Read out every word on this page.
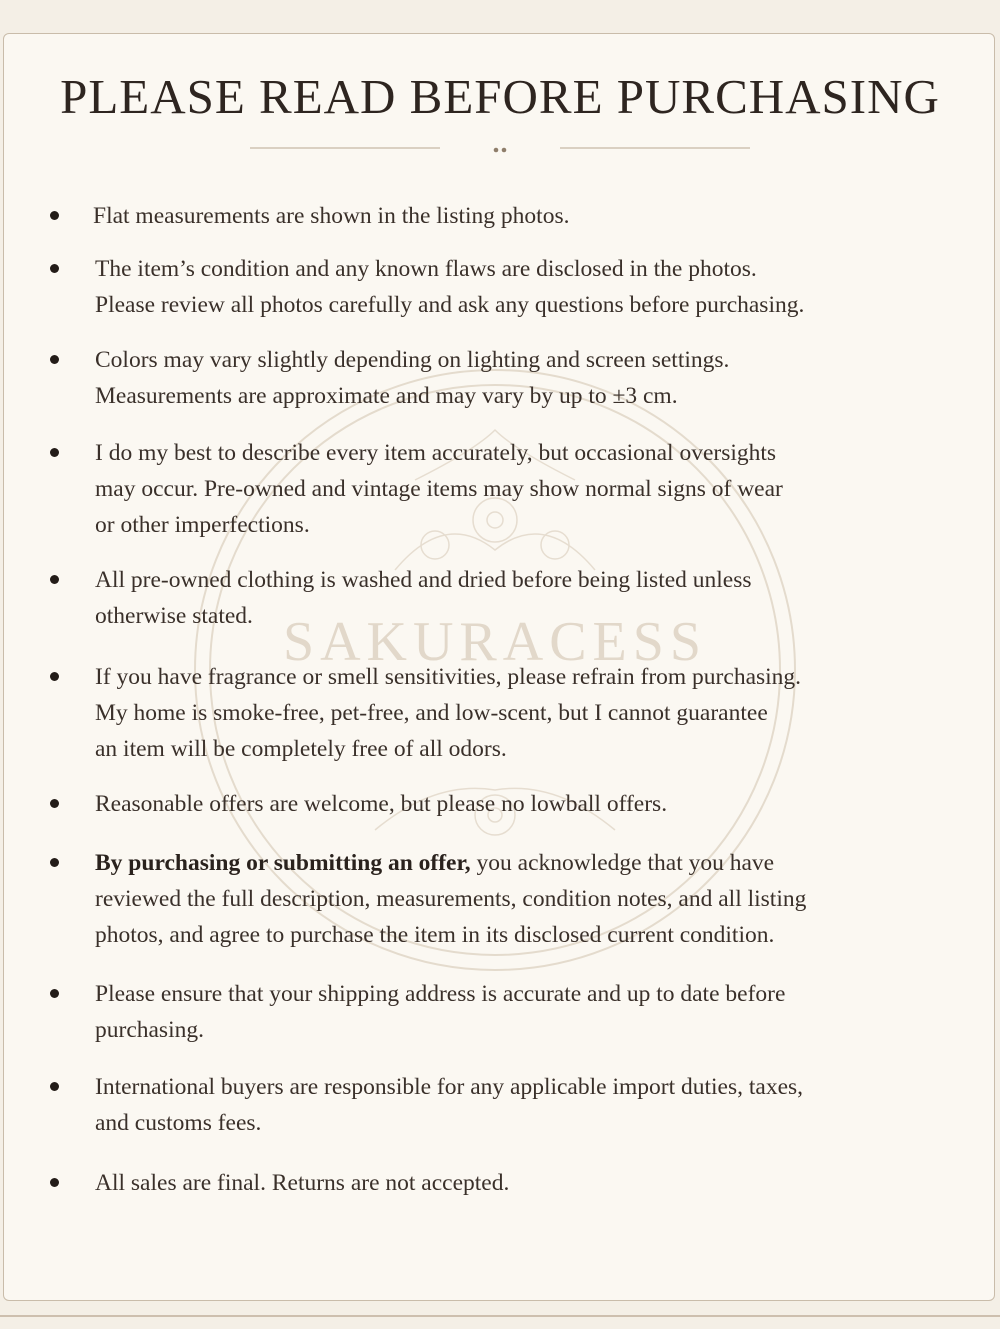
SAKURACESS
PLEASE READ BEFORE PURCHASING
Flat measurements are shown in the listing photos.
The item’s condition and any known flaws are disclosed in the photos.
Please review all photos carefully and ask any questions before purchasing.
Colors may vary slightly depending on lighting and screen settings.
Measurements are approximate and may vary by up to ±3 cm.
I do my best to describe every item accurately, but occasional oversights
may occur. Pre-owned and vintage items may show normal signs of wear
or other imperfections.
All pre-owned clothing is washed and dried before being listed unless
otherwise stated.
If you have fragrance or smell sensitivities, please refrain from purchasing.
My home is smoke-free, pet-free, and low-scent, but I cannot guarantee
an item will be completely free of all odors.
Reasonable offers are welcome, but please no lowball offers.
By purchasing or submitting an offer, you acknowledge that you have
reviewed the full description, measurements, condition notes, and all listing
photos, and agree to purchase the item in its disclosed current condition.
Please ensure that your shipping address is accurate and up to date before
purchasing.
International buyers are responsible for any applicable import duties, taxes,
and customs fees.
All sales are final. Returns are not accepted.
